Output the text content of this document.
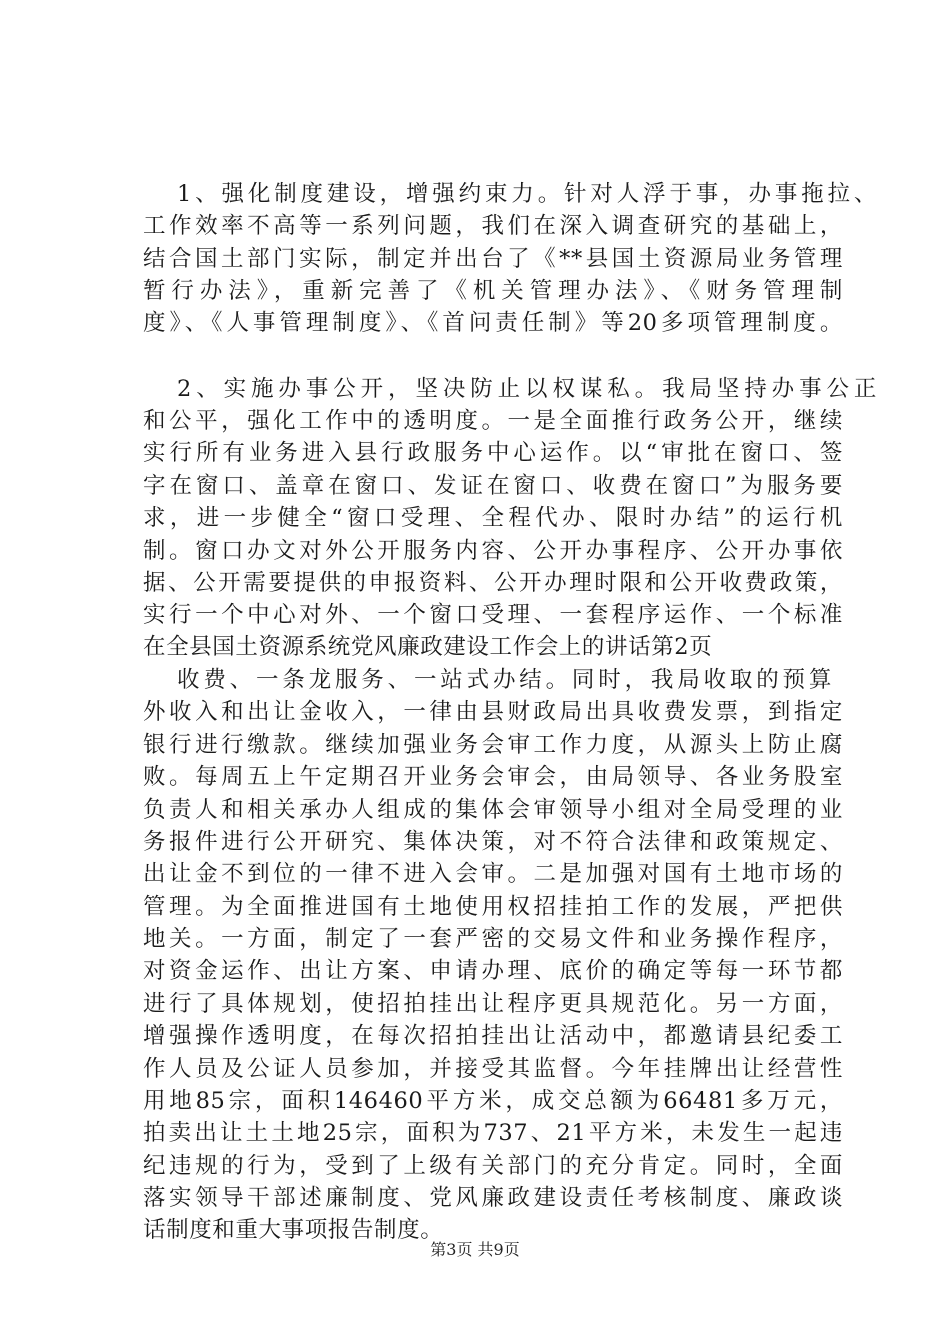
1、强化制度建设，增强约束力。针对人浮于事，办事拖拉、
工作效率不高等一系列问题，我们在深入调查研究的基础上，
结合国土部门实际，制定并出台了《**县国土资源局业务管理
暂行办法》，重新完善了《机关管理办法》、《财务管理制
度》、《人事管理制度》、《首问责任制》等20多项管理制度。
2、实施办事公开，坚决防止以权谋私。我局坚持办事公正
和公平，强化工作中的透明度。一是全面推行政务公开，继续
实行所有业务进入县行政服务中心运作。以“审批在窗口、签
字在窗口、盖章在窗口、发证在窗口、收费在窗口”为服务要
求，进一步健全“窗口受理、全程代办、限时办结”的运行机
制。窗口办文对外公开服务内容、公开办事程序、公开办事依
据、公开需要提供的申报资料、公开办理时限和公开收费政策，
实行一个中心对外、一个窗口受理、一套程序运作、一个标准
在全县国土资源系统党风廉政建设工作会上的讲话第2页
收费、一条龙服务、一站式办结。同时，我局收取的预算
外收入和出让金收入，一律由县财政局出具收费发票，到指定
银行进行缴款。继续加强业务会审工作力度，从源头上防止腐
败。每周五上午定期召开业务会审会，由局领导、各业务股室
负责人和相关承办人组成的集体会审领导小组对全局受理的业
务报件进行公开研究、集体决策，对不符合法律和政策规定、
出让金不到位的一律不进入会审。二是加强对国有土地市场的
管理。为全面推进国有土地使用权招挂拍工作的发展，严把供
地关。一方面，制定了一套严密的交易文件和业务操作程序，
对资金运作、出让方案、申请办理、底价的确定等每一环节都
进行了具体规划，使招拍挂出让程序更具规范化。另一方面，
增强操作透明度，在每次招拍挂出让活动中，都邀请县纪委工
作人员及公证人员参加，并接受其监督。今年挂牌出让经营性
用地85宗，面积146460平方米，成交总额为66481多万元，
拍卖出让土土地25宗，面积为737、21平方米，未发生一起违
纪违规的行为，受到了上级有关部门的充分肯定。同时，全面
落实领导干部述廉制度、党风廉政建设责任考核制度、廉政谈
话制度和重大事项报告制度。
第3页 共9页
